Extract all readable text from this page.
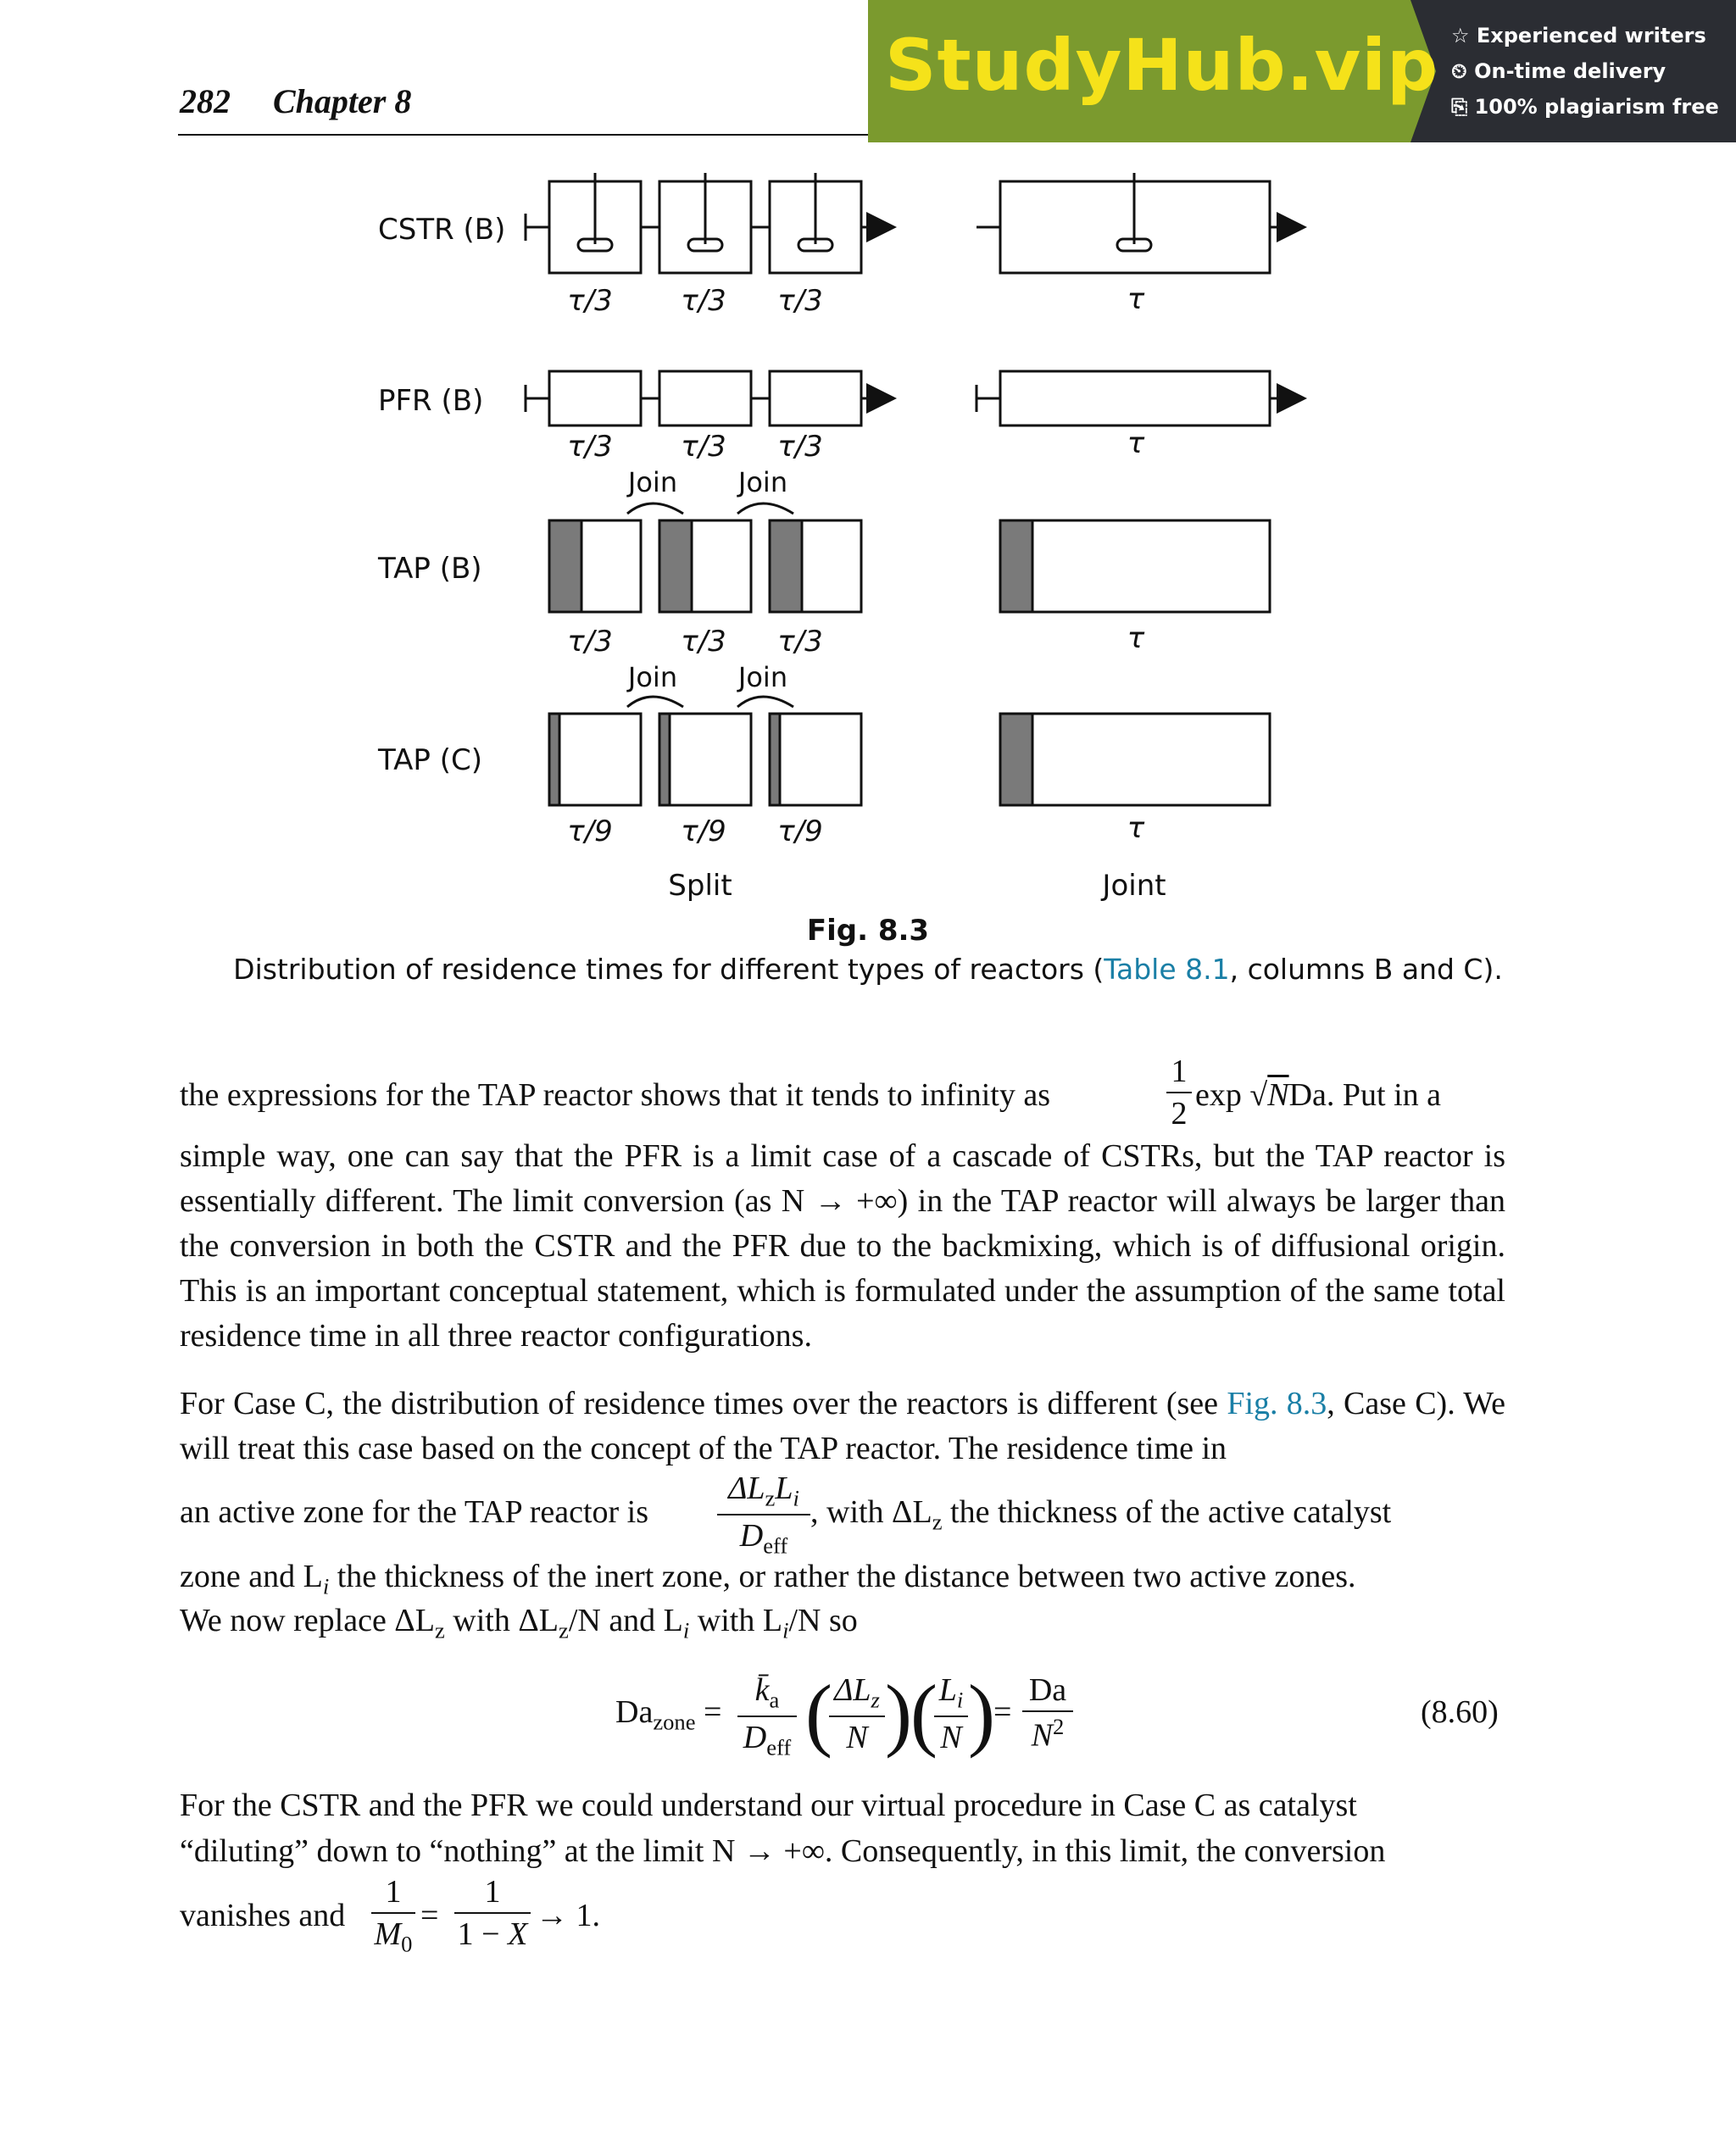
282 Chapter 8	StudyHub.vip ☆ Experienced writers
⏲ On-time delivery
⎘ 100% plagiarism free
CSTR (B)
PFR (B)
TAP (B)
TAP (C)
τ/3 τ/3 τ/3	τ
τ/3 τ/3 τ/3	τ
τ/3 τ/3 τ/3	τ
τ/9 τ/9 τ/9	τ
Join Join
Join Join
Split	Joint
Fig. 8.3
Distribution of residence times for different types of reactors (Table 8.1, columns B and C).
the expressions for the TAP reactor shows that it tends to infinity as
1
2
exp √NDa. Put in a
simple way, one can say that the PFR is a limit case of a cascade of CSTRs, but the TAP reactor is essentially different. The limit conversion (as N → +∞) in the TAP reactor will always be larger than the conversion in both the CSTR and the PFR due to the backmixing, which is of diffusional origin. This is an important conceptual statement, which is formulated under the assumption of the same total residence time in all three reactor configurations.
For Case C, the distribution of residence times over the reactors is different (see Fig. 8.3, Case C). We will treat this case based on the concept of the TAP reactor. The residence time in
an active zone for the TAP reactor is
$\Delta L_zL_i$
$D_{eff}$
, with $\Delta L_z$ the thickness of the active catalyst
zone and $L_i$ the thickness of the inert zone, or rather the distance between two active zones.
We now replace $\Delta L_z$ with $\Delta L_z/N$ and $L_i$ with $L_i/N$ so
$Da_{zone}$ =
$k̄_a$
$D_{eff}$ ( $\Delta L_z$
N )
( $L_i$
N )
=
Da
$N^2$	(8.60)
For the CSTR and the PFR we could understand our virtual procedure in Case C as catalyst
“diluting” down to “nothing” at the limit N → +∞. Consequently, in this limit, the conversion
vanishes and
1
$M_0$
=
1
1 − X
→ 1.
